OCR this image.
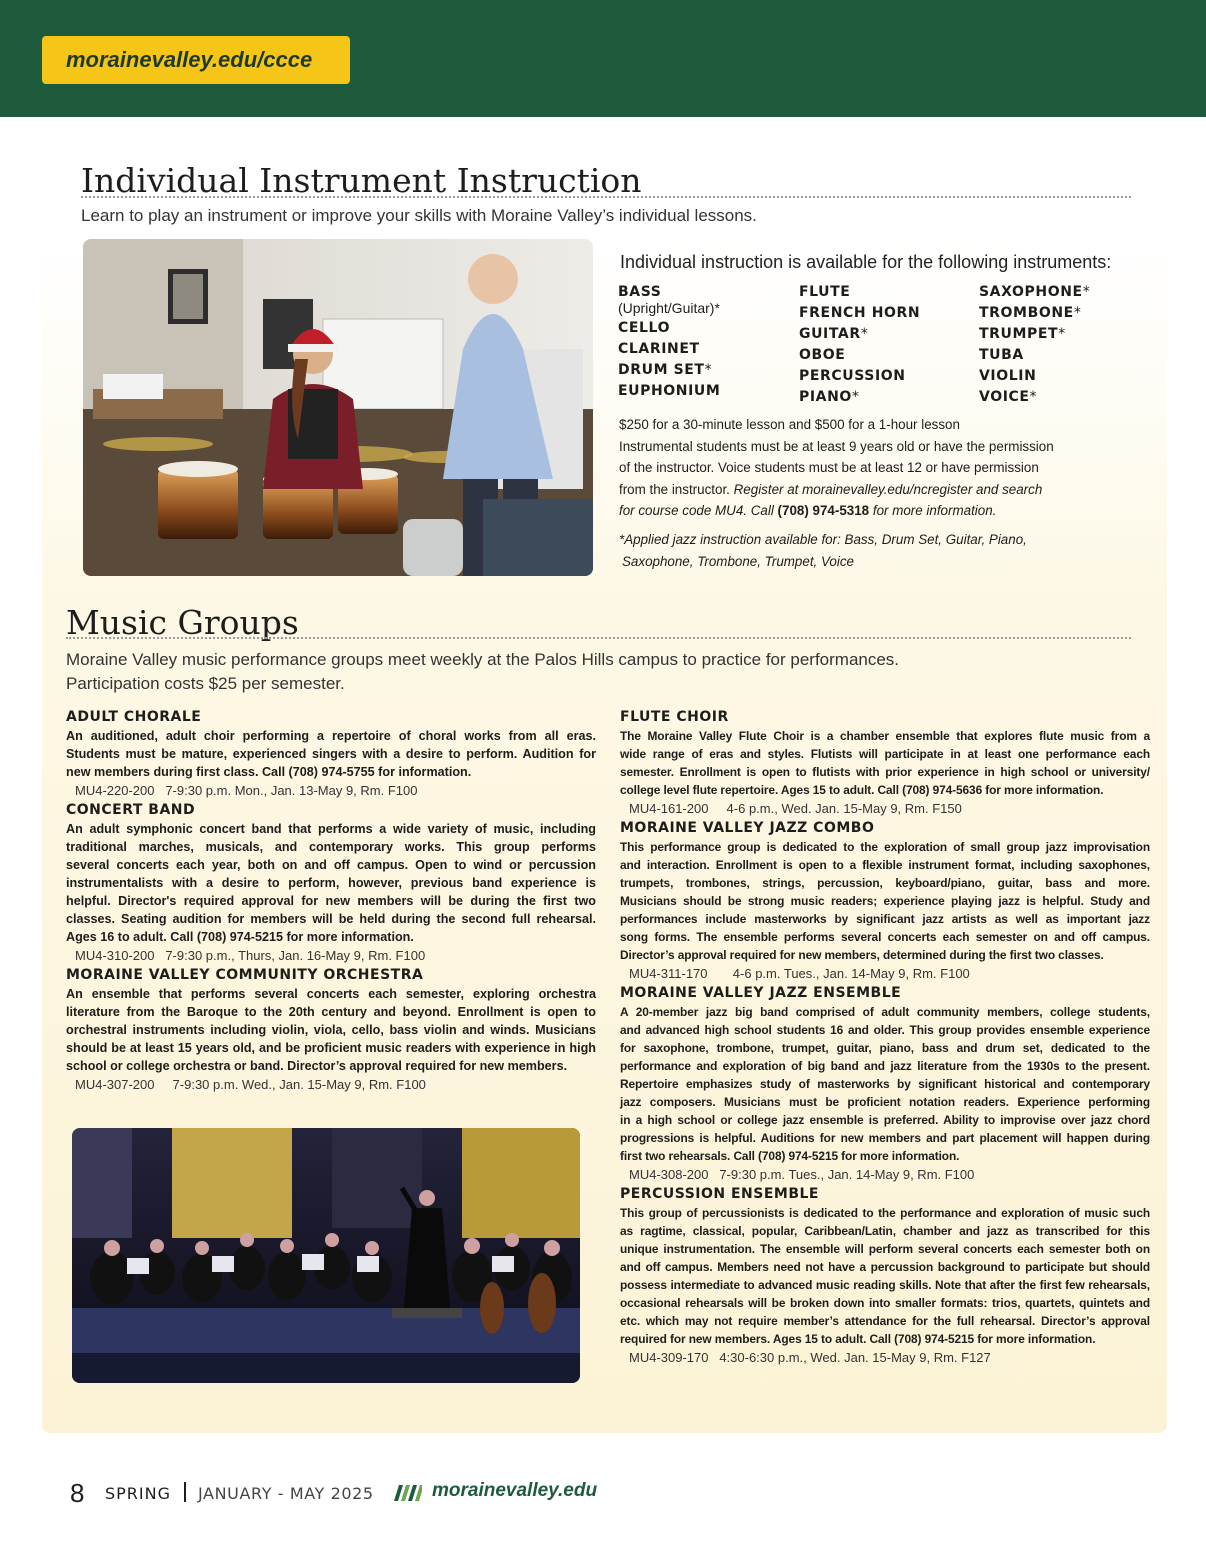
morainevalley.edu/ccce
Individual Instrument Instruction
Learn to play an instrument or improve your skills with Moraine Valley’s individual lessons.
Individual instruction is available for the following instruments:
BASS
(Upright/Guitar)*
CELLO
CLARINET
DRUM SET*
EUPHONIUM
FLUTE
FRENCH HORN
GUITAR*
OBOE
PERCUSSION
PIANO*
SAXOPHONE*
TROMBONE*
TRUMPET*
TUBA
VIOLIN
VOICE*
$250 for a 30-minute lesson and $500 for a 1-hour lesson
Instrumental students must be at least 9 years old or have the permission
of the instructor. Voice students must be at least 12 or have permission
from the instructor. Register at morainevalley.edu/ncregister and search
for course code MU4. Call (708) 974-5318 for more information.
*Applied jazz instruction available for: Bass, Drum Set, Guitar, Piano,
Saxophone, Trombone, Trumpet, Voice
Music Groups
Moraine Valley music performance groups meet weekly at the Palos Hills campus to practice for performances.
Participation costs $25 per semester.
ADULT CHORALE
An auditioned, adult choir performing a repertoire of choral works from all eras.
Students must be mature, experienced singers with a desire to perform. Audition for
new members during first class. Call (708) 974-5755 for information.
MU4-220-200   7-9:30 p.m. Mon., Jan. 13-May 9, Rm. F100
CONCERT BAND
An adult symphonic concert band that performs a wide variety of music, including
traditional marches, musicals, and contemporary works. This group performs
several concerts each year, both on and off campus. Open to wind or percussion
instrumentalists with a desire to perform, however, previous band experience is
helpful. Director's required approval for new members will be during the first two
classes. Seating audition for members will be held during the second full rehearsal.
Ages 16 to adult. Call (708) 974-5215 for more information.
MU4-310-200   7-9:30 p.m., Thurs, Jan. 16-May 9, Rm. F100
MORAINE VALLEY COMMUNITY ORCHESTRA
An ensemble that performs several concerts each semester, exploring orchestra
literature from the Baroque to the 20th century and beyond. Enrollment is open to
orchestral instruments including violin, viola, cello, bass violin and winds. Musicians
should be at least 15 years old, and be proficient music readers with experience in high
school or college orchestra or band. Director’s approval required for new members.
MU4-307-200     7-9:30 p.m. Wed., Jan. 15-May 9, Rm. F100
FLUTE CHOIR
The Moraine Valley Flute Choir is a chamber ensemble that explores flute music from a
wide range of eras and styles. Flutists will participate in at least one performance each
semester. Enrollment is open to flutists with prior experience in high school or university/
college level flute repertoire. Ages 15 to adult. Call (708) 974-5636 for more information.
MU4-161-200     4-6 p.m., Wed. Jan. 15-May 9, Rm. F150
MORAINE VALLEY JAZZ COMBO
This performance group is dedicated to the exploration of small group jazz improvisation
and interaction. Enrollment is open to a flexible instrument format, including saxophones,
trumpets, trombones, strings, percussion, keyboard/piano, guitar, bass and more.
Musicians should be strong music readers; experience playing jazz is helpful. Study and
performances include masterworks by significant jazz artists as well as important jazz
song forms. The ensemble performs several concerts each semester on and off campus.
Director’s approval required for new members, determined during the first two classes.
MU4-311-170       4-6 p.m. Tues., Jan. 14-May 9, Rm. F100
MORAINE VALLEY JAZZ ENSEMBLE
A 20-member jazz big band comprised of adult community members, college students,
and advanced high school students 16 and older. This group provides ensemble experience
for saxophone, trombone, trumpet, guitar, piano, bass and drum set, dedicated to the
performance and exploration of big band and jazz literature from the 1930s to the present.
Repertoire emphasizes study of masterworks by significant historical and contemporary
jazz composers. Musicians must be proficient notation readers. Experience performing
in a high school or college jazz ensemble is preferred. Ability to improvise over jazz chord
progressions is helpful. Auditions for new members and part placement will happen during
first two rehearsals. Call (708) 974-5215 for more information.
MU4-308-200   7-9:30 p.m. Tues., Jan. 14-May 9, Rm. F100
PERCUSSION ENSEMBLE
This group of percussionists is dedicated to the performance and exploration of music such
as ragtime, classical, popular, Caribbean/Latin, chamber and jazz as transcribed for this
unique instrumentation. The ensemble will perform several concerts each semester both on
and off campus. Members need not have a percussion background to participate but should
possess intermediate to advanced music reading skills. Note that after the first few rehearsals,
occasional rehearsals will be broken down into smaller formats: trios, quartets, quintets and
etc. which may not require member’s attendance for the full rehearsal. Director’s approval
required for new members. Ages 15 to adult. Call (708) 974-5215 for more information.
MU4-309-170   4:30-6:30 p.m., Wed. Jan. 15-May 9, Rm. F127
8 SPRING JANUARY - MAY 2025	morainevalley.edu
